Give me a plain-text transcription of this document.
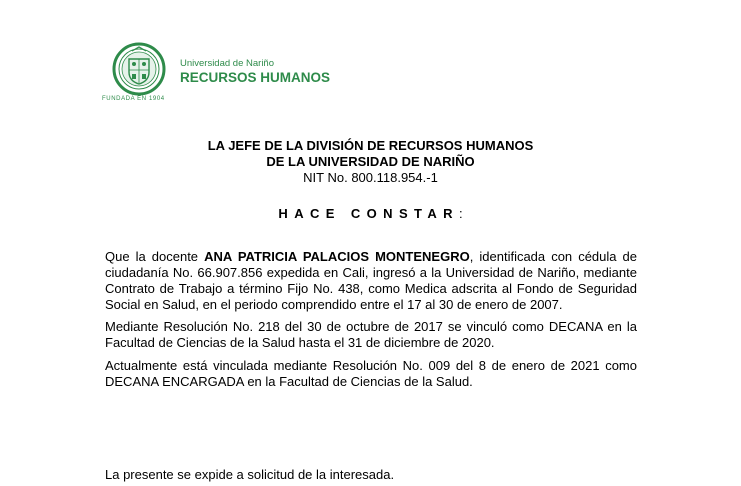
FUNDADA EN 1904
Universidad de Nariño
RECURSOS HUMANOS
LA JEFE DE LA DIVISIÓN DE RECURSOS HUMANOS
DE LA UNIVERSIDAD DE NARIÑO
NIT No. 800.118.954.-1
HACE CONSTAR:

Que la docente ANA PATRICIA PALACIOS MONTENEGRO, identificada con cédula de ciudadanía No. 66.907.856 expedida en Cali, ingresó a la Universidad de Nariño, mediante Contrato de Trabajo a término Fijo No. 438, como Medica adscrita al Fondo de Seguridad Social en Salud, en el periodo comprendido entre el 17 al 30 de enero de 2007.

Mediante Resolución No. 218 del 30 de octubre de 2017 se vinculó como DECANA en la Facultad de Ciencias de la Salud hasta el 31 de diciembre de 2020.

Actualmente está vinculada mediante Resolución No. 009 del 8 de enero de 2021 como DECANA ENCARGADA en la Facultad de Ciencias de la Salud.

La presente se expide a solicitud de la interesada.
